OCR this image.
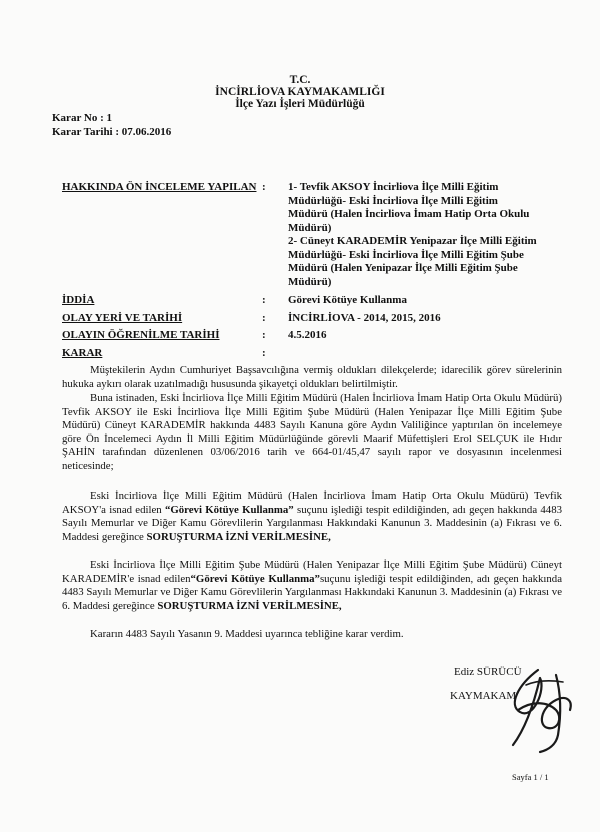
T.C.
İNCİRLİOVA KAYMAKAMLIĞI
İlçe Yazı İşleri Müdürlüğü
Karar No : 1
Karar Tarihi : 07.06.2016
HAKKINDA ÖN İNCELEME YAPILAN : 1- Tevfik AKSOY İncirliova İlçe Milli Eğitim Müdürlüğü- Eski İncirliova İlçe Milli Eğitim Müdürü (Halen İncirliova İmam Hatip Orta Okulu Müdürü)
2- Cüneyt KARADEMİR Yenipazar İlçe Milli Eğitim Müdürlüğü- Eski İncirliova İlçe Milli Eğitim Şube Müdürü (Halen Yenipazar İlçe Milli Eğitim Şube Müdürü)
İDDİA	: Görevi Kötüye Kullanma
OLAY YERİ VE TARİHİ	: İNCİRLİOVA - 2014, 2015, 2016
OLAYIN ÖĞRENİLME TARİHİ	: 4.5.2016
KARAR	:
Müştekilerin Aydın Cumhuriyet Başsavcılığına vermiş oldukları dilekçelerde; idarecilik görev sürelerinin hukuka aykırı olarak uzatılmadığı hususunda şikayetçi oldukları belirtilmiştir.
Buna istinaden, Eski İncirliova İlçe Milli Eğitim Müdürü (Halen İncirliova İmam Hatip Orta Okulu Müdürü) Tevfik AKSOY ile Eski İncirliova İlçe Milli Eğitim Şube Müdürü (Halen Yenipazar İlçe Milli Eğitim Şube Müdürü) Cüneyt KARADEMİR hakkında 4483 Sayılı Kanuna göre Aydın Valiliğince yaptırılan ön incelemeye göre Ön İncelemeci Aydın İl Milli Eğitim Müdürlüğünde görevli Maarif Müfettişleri Erol SELÇUK ile Hıdır ŞAHİN tarafından düzenlenen 03/06/2016 tarih ve 664-01/45,47 sayılı rapor ve dosyasının incelenmesi neticesinde;
Eski İncirliova İlçe Milli Eğitim Müdürü (Halen İncirliova İmam Hatip Orta Okulu Müdürü) Tevfik AKSOY'a isnad edilen “Görevi Kötüye Kullanma” suçunu işlediği tespit edildiğinden, adı geçen hakkında 4483 Sayılı Memurlar ve Diğer Kamu Görevlilerin Yargılanması Hakkındaki Kanunun 3. Maddesinin (a) Fıkrası ve 6. Maddesi gereğince SORUŞTURMA İZNİ VERİLMESİNE,
Eski İncirliova İlçe Milli Eğitim Şube Müdürü (Halen Yenipazar İlçe Milli Eğitim Şube Müdürü) Cüneyt KARADEMİR'e isnad edilen“Görevi Kötüye Kullanma”suçunu işlediği tespit edildiğinden, adı geçen hakkında 4483 Sayılı Memurlar ve Diğer Kamu Görevlilerin Yargılanması Hakkındaki Kanunun 3. Maddesinin (a) Fıkrası ve 6. Maddesi gereğince SORUŞTURMA İZNİ VERİLMESİNE,
Kararın 4483 Sayılı Yasanın 9. Maddesi uyarınca tebliğine karar verdim.
Ediz SÜRÜCÜ
KAYMAKAM
Sayfa 1 / 1
